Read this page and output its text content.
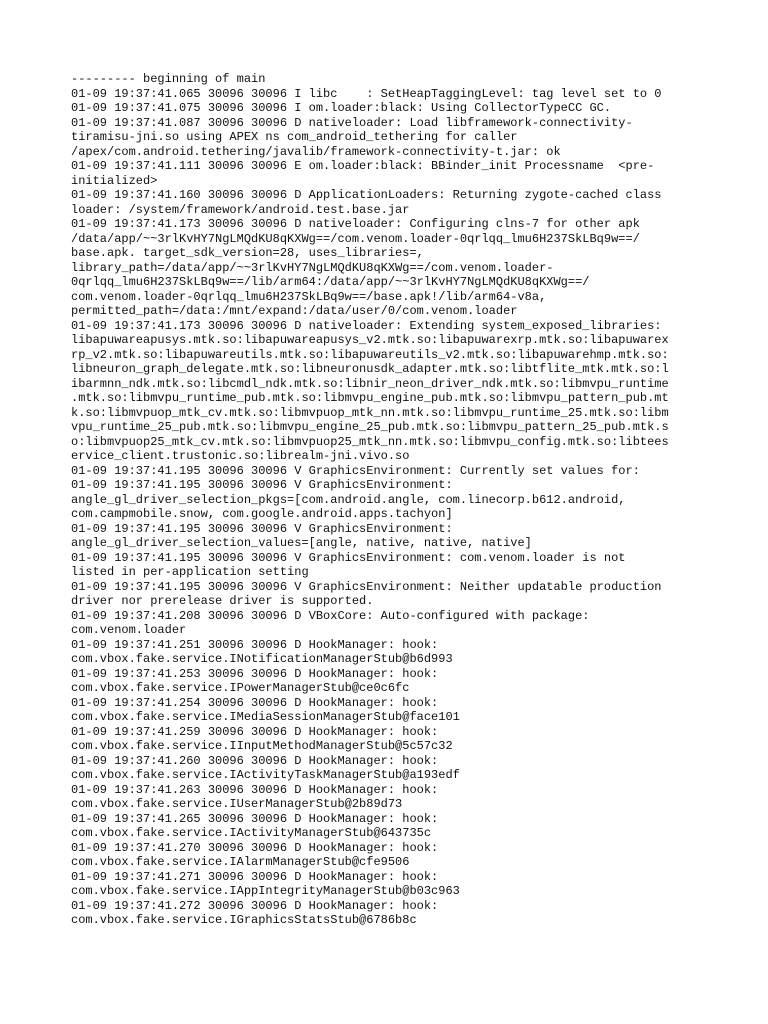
--------- beginning of main
01-09 19:37:41.065 30096 30096 I libc    : SetHeapTaggingLevel: tag level set to 0
01-09 19:37:41.075 30096 30096 I om.loader:black: Using CollectorTypeCC GC.
01-09 19:37:41.087 30096 30096 D nativeloader: Load libframework-connectivity-
tiramisu-jni.so using APEX ns com_android_tethering for caller
/apex/com.android.tethering/javalib/framework-connectivity-t.jar: ok
01-09 19:37:41.111 30096 30096 E om.loader:black: BBinder_init Processname  <pre-
initialized>
01-09 19:37:41.160 30096 30096 D ApplicationLoaders: Returning zygote-cached class
loader: /system/framework/android.test.base.jar
01-09 19:37:41.173 30096 30096 D nativeloader: Configuring clns-7 for other apk
/data/app/~~3rlKvHY7NgLMQdKU8qKXWg==/com.venom.loader-0qrlqq_lmu6H237SkLBq9w==/
base.apk. target_sdk_version=28, uses_libraries=,
library_path=/data/app/~~3rlKvHY7NgLMQdKU8qKXWg==/com.venom.loader-
0qrlqq_lmu6H237SkLBq9w==/lib/arm64:/data/app/~~3rlKvHY7NgLMQdKU8qKXWg==/
com.venom.loader-0qrlqq_lmu6H237SkLBq9w==/base.apk!/lib/arm64-v8a,
permitted_path=/data:/mnt/expand:/data/user/0/com.venom.loader
01-09 19:37:41.173 30096 30096 D nativeloader: Extending system_exposed_libraries:
libapuwareapusys.mtk.so:libapuwareapusys_v2.mtk.so:libapuwarexrp.mtk.so:libapuwarex
rp_v2.mtk.so:libapuwareutils.mtk.so:libapuwareutils_v2.mtk.so:libapuwarehmp.mtk.so:
libneuron_graph_delegate.mtk.so:libneuronusdk_adapter.mtk.so:libtflite_mtk.mtk.so:l
ibarmnn_ndk.mtk.so:libcmdl_ndk.mtk.so:libnir_neon_driver_ndk.mtk.so:libmvpu_runtime
.mtk.so:libmvpu_runtime_pub.mtk.so:libmvpu_engine_pub.mtk.so:libmvpu_pattern_pub.mt
k.so:libmvpuop_mtk_cv.mtk.so:libmvpuop_mtk_nn.mtk.so:libmvpu_runtime_25.mtk.so:libm
vpu_runtime_25_pub.mtk.so:libmvpu_engine_25_pub.mtk.so:libmvpu_pattern_25_pub.mtk.s
o:libmvpuop25_mtk_cv.mtk.so:libmvpuop25_mtk_nn.mtk.so:libmvpu_config.mtk.so:libtees
ervice_client.trustonic.so:librealm-jni.vivo.so
01-09 19:37:41.195 30096 30096 V GraphicsEnvironment: Currently set values for:
01-09 19:37:41.195 30096 30096 V GraphicsEnvironment:
angle_gl_driver_selection_pkgs=[com.android.angle, com.linecorp.b612.android,
com.campmobile.snow, com.google.android.apps.tachyon]
01-09 19:37:41.195 30096 30096 V GraphicsEnvironment:
angle_gl_driver_selection_values=[angle, native, native, native]
01-09 19:37:41.195 30096 30096 V GraphicsEnvironment: com.venom.loader is not
listed in per-application setting
01-09 19:37:41.195 30096 30096 V GraphicsEnvironment: Neither updatable production
driver nor prerelease driver is supported.
01-09 19:37:41.208 30096 30096 D VBoxCore: Auto-configured with package:
com.venom.loader
01-09 19:37:41.251 30096 30096 D HookManager: hook:
com.vbox.fake.service.INotificationManagerStub@b6d993
01-09 19:37:41.253 30096 30096 D HookManager: hook:
com.vbox.fake.service.IPowerManagerStub@ce0c6fc
01-09 19:37:41.254 30096 30096 D HookManager: hook:
com.vbox.fake.service.IMediaSessionManagerStub@face101
01-09 19:37:41.259 30096 30096 D HookManager: hook:
com.vbox.fake.service.IInputMethodManagerStub@5c57c32
01-09 19:37:41.260 30096 30096 D HookManager: hook:
com.vbox.fake.service.IActivityTaskManagerStub@a193edf
01-09 19:37:41.263 30096 30096 D HookManager: hook:
com.vbox.fake.service.IUserManagerStub@2b89d73
01-09 19:37:41.265 30096 30096 D HookManager: hook:
com.vbox.fake.service.IActivityManagerStub@643735c
01-09 19:37:41.270 30096 30096 D HookManager: hook:
com.vbox.fake.service.IAlarmManagerStub@cfe9506
01-09 19:37:41.271 30096 30096 D HookManager: hook:
com.vbox.fake.service.IAppIntegrityManagerStub@b03c963
01-09 19:37:41.272 30096 30096 D HookManager: hook:
com.vbox.fake.service.IGraphicsStatsStub@6786b8c
